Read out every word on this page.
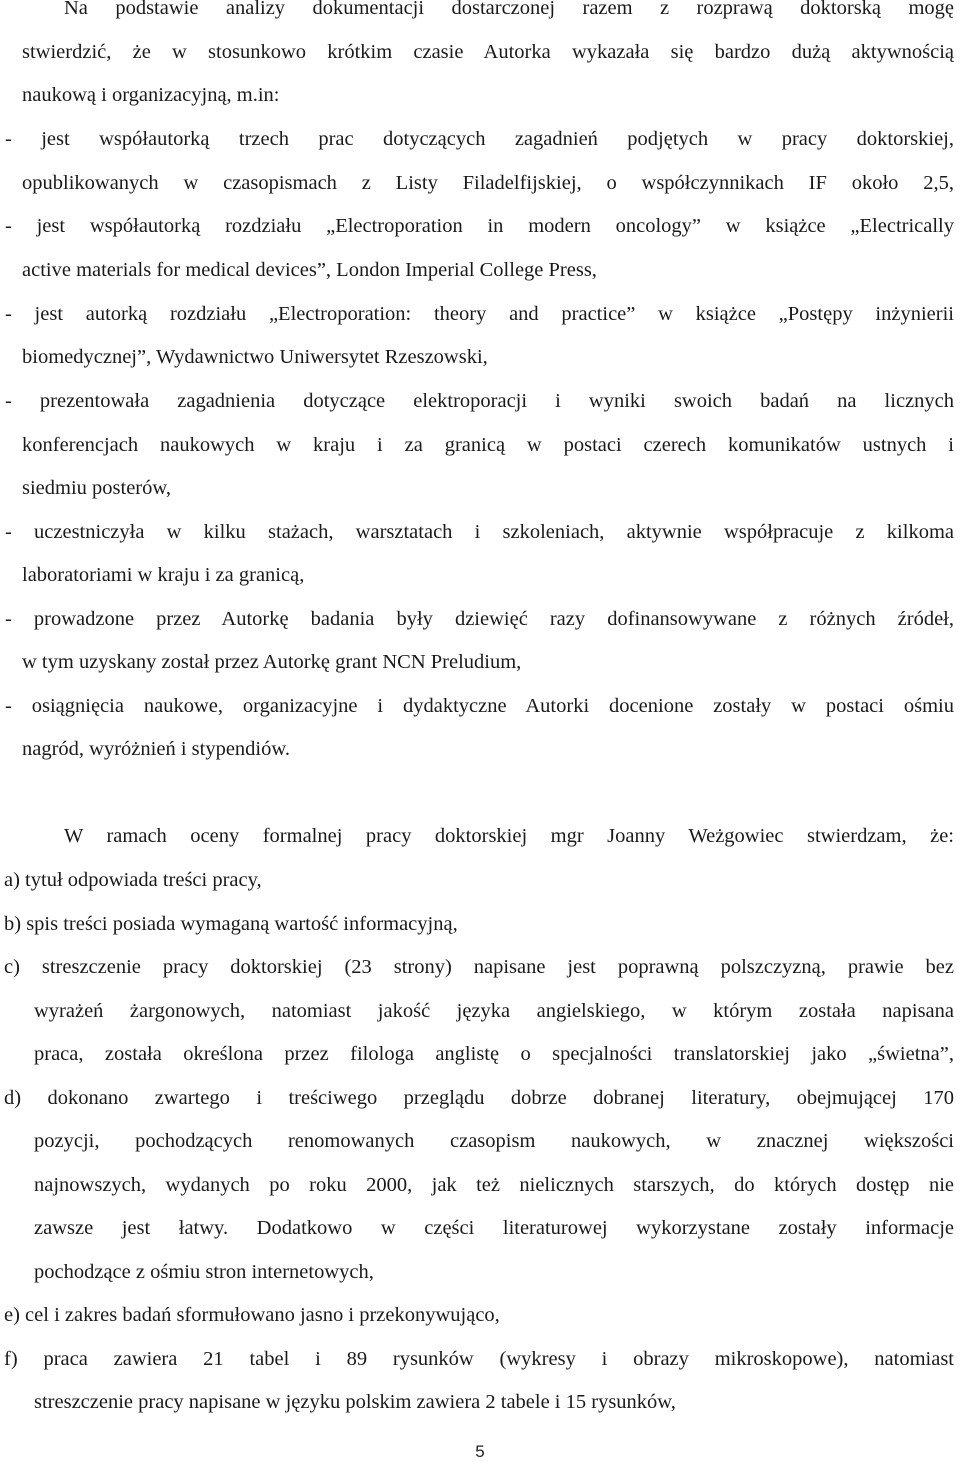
Na podstawie analizy dokumentacji dostarczonej razem z rozprawą doktorską mogę
stwierdzić, że w stosunkowo krótkim czasie Autorka wykazała się bardzo dużą aktywnością
naukową i organizacyjną, m.in:
- jest współautorką trzech prac dotyczących zagadnień podjętych w pracy doktorskiej,
opublikowanych w czasopismach z Listy Filadelfijskiej, o współczynnikach IF około 2,5,
- jest współautorką rozdziału „Electroporation in modern oncology” w książce „Electrically
active materials for medical devices”, London Imperial College Press,
- jest autorką rozdziału „Electroporation: theory and practice” w książce „Postępy inżynierii
biomedycznej”, Wydawnictwo Uniwersytet Rzeszowski,
- prezentowała zagadnienia dotyczące elektroporacji i wyniki swoich badań na licznych
konferencjach naukowych w kraju i za granicą w postaci czerech komunikatów ustnych i
siedmiu posterów,
- uczestniczyła w kilku stażach, warsztatach i szkoleniach, aktywnie współpracuje z kilkoma
laboratoriami w kraju i za granicą,
- prowadzone przez Autorkę badania były dziewięć razy dofinansowywane z różnych źródeł,
w tym uzyskany został przez Autorkę grant NCN Preludium,
- osiągnięcia naukowe, organizacyjne i dydaktyczne Autorki docenione zostały w postaci ośmiu
nagród, wyróżnień i stypendiów.
W ramach oceny formalnej pracy doktorskiej mgr Joanny Weżgowiec stwierdzam, że:
a) tytuł odpowiada treści pracy,
b) spis treści posiada wymaganą wartość informacyjną,
c) streszczenie pracy doktorskiej (23 strony) napisane jest poprawną polszczyzną, prawie bez
wyrażeń żargonowych, natomiast jakość języka angielskiego, w którym została napisana
praca, została określona przez filologa anglistę o specjalności translatorskiej jako „świetna”,
d) dokonano zwartego i treściwego przeglądu dobrze dobranej literatury, obejmującej 170
pozycji, pochodzących renomowanych czasopism naukowych, w znacznej większości
najnowszych, wydanych po roku 2000, jak też nielicznych starszych, do których dostęp nie
zawsze jest łatwy. Dodatkowo w części literaturowej wykorzystane zostały informacje
pochodzące z ośmiu stron internetowych,
e) cel i zakres badań sformułowano jasno i przekonywująco,
f) praca zawiera 21 tabel i 89 rysunków (wykresy i obrazy mikroskopowe), natomiast
streszczenie pracy napisane w języku polskim zawiera 2 tabele i 15 rysunków,
5
